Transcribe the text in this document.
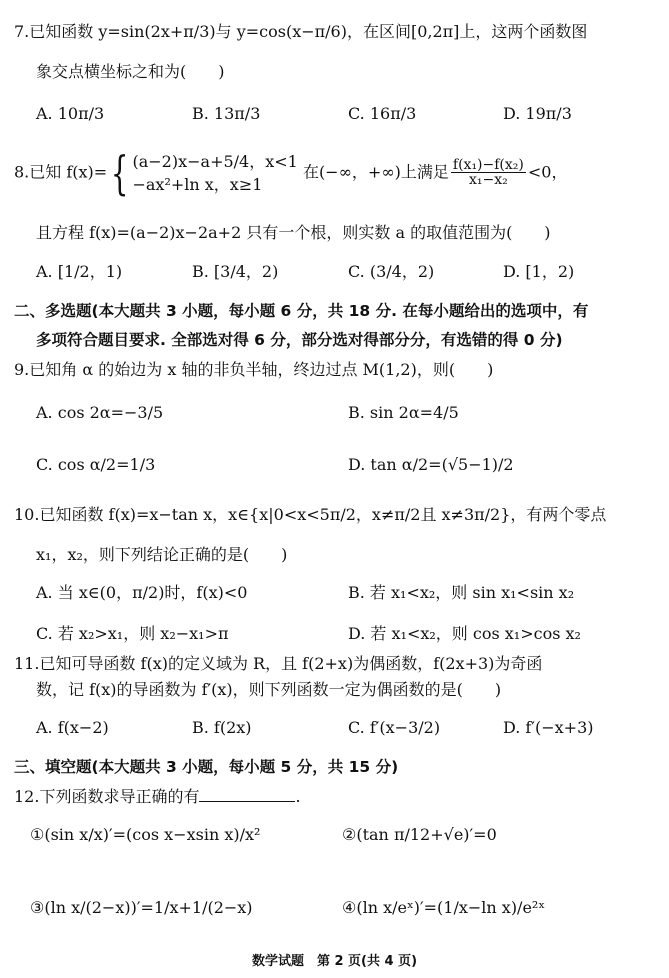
7.已知函数 y=sin(2x+π/3)与 y=cos(x−π/6)，在区间[0,2π]上，这两个函数图
象交点横坐标之和为(　　)
A. 10π/3	B. 13π/3	C. 16π/3	D. 19π/3
8.已知 f(x)={ (a−2)x−a+5/4，x<1
−ax²+ln x，x≥1
在(−∞，+∞)上满足 $\frac{\text{f(x₁)−f(x₂)}}{\text{x₁−x₂}} <0$，
且方程 f(x)=(a−2)x−2a+2 只有一个根，则实数 a 的取值范围为(　　)
A. [1/2，1)	B. [3/4，2)	C. (3/4，2)	D. [1，2)
二、多选题(本大题共 3 小题，每小题 6 分，共 18 分. 在每小题给出的选项中，有
多项符合题目要求. 全部选对得 6 分，部分选对得部分分，有选错的得 0 分)
9.已知角 α 的始边为 x 轴的非负半轴，终边过点 M(1,2)，则(　　)
A. cos 2α=−3/5	B. sin 2α=4/5
C. cos α/2=1/3	D. tan α/2=(√5−1)/2
10.已知函数 f(x)=x−tan x，x∈{x|0<x<5π/2，x≠π/2且 x≠3π/2}，有两个零点
x₁，x₂，则下列结论正确的是(　　)
A. 当 x∈(0，π/2)时，f(x)<0	B. 若 x₁<x₂，则 sin x₁<sin x₂
C. 若 x₂>x₁，则 x₂−x₁>π	D. 若 x₁<x₂，则 cos x₁>cos x₂
11.已知可导函数 f(x)的定义域为 R，且 f(2+x)为偶函数，f(2x+3)为奇函
数，记 f(x)的导函数为 f′(x)，则下列函数一定为偶函数的是(　　)
A. f(x−2)	B. f(2x)	C. f′(x−3/2)	D. f′(−x+3)
三、填空题(本大题共 3 小题，每小题 5 分，共 15 分)
12.下列函数求导正确的有	.
①(sin x/x)′=(cos x−xsin x)/x²	②(tan π/12+√e)′=0
③(ln x/(2−x))′=1/x+1/(2−x)	④(ln x/eˣ)′=(1/x−ln x)/e²ˣ
数学试题　第 2 页(共 4 页)
